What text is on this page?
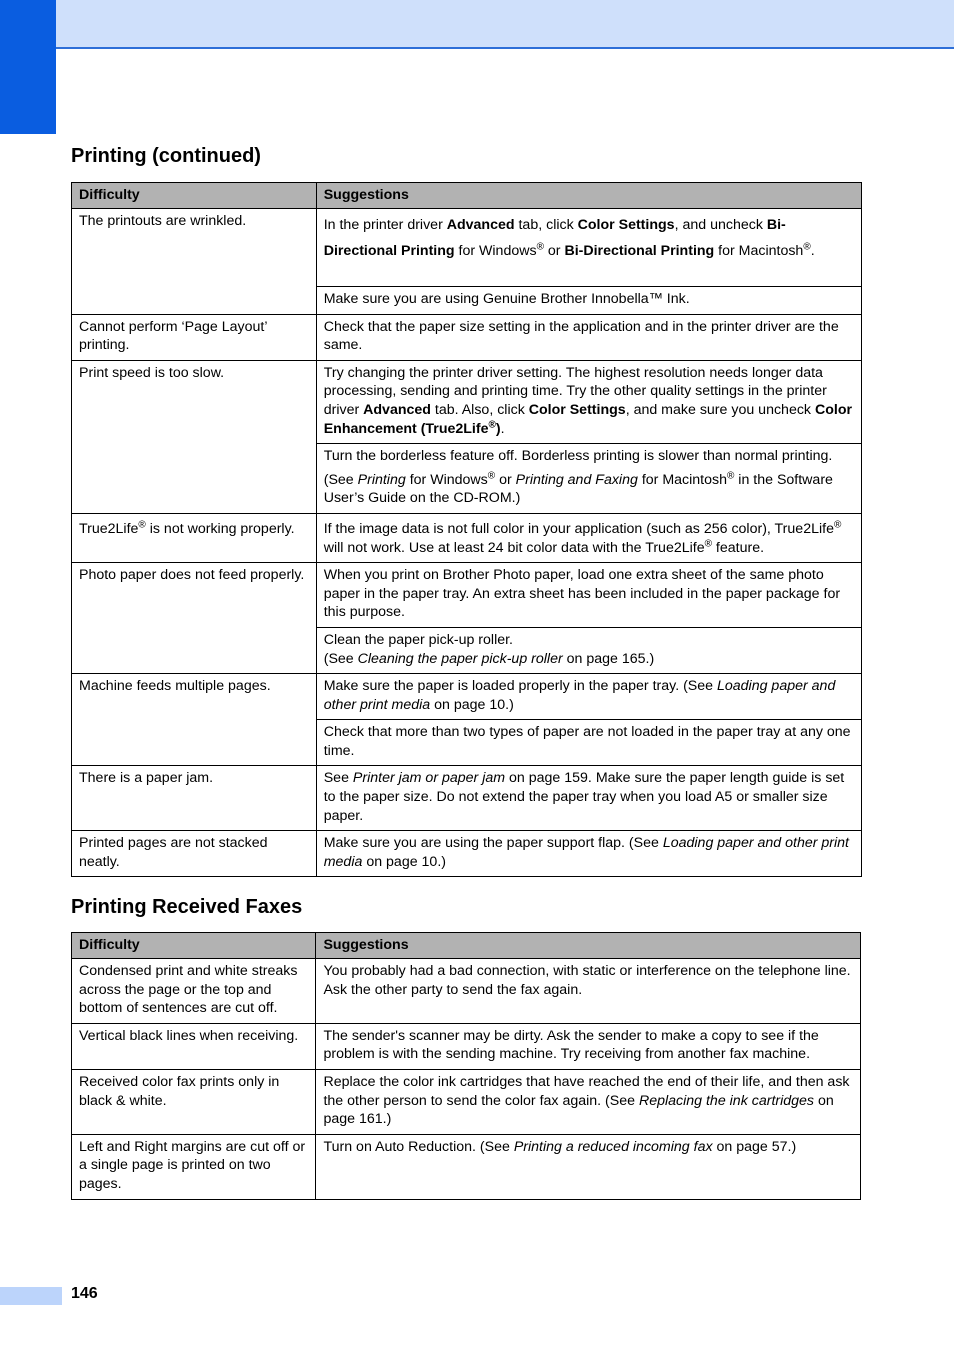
Printing (continued)
Difficulty	Suggestions
The printouts are wrinkled.	In the printer driver Advanced tab, click Color Settings, and uncheck Bi-Directional Printing for Windows® or Bi-Directional Printing for Macintosh®.
	Make sure you are using Genuine Brother Innobella™ Ink.
Cannot perform ‘Page Layout’ printing.	Check that the paper size setting in the application and in the printer driver are the same.
Print speed is too slow.	Try changing the printer driver setting. The highest resolution needs longer data processing, sending and printing time. Try the other quality settings in the printer driver Advanced tab. Also, click Color Settings, and make sure you uncheck Color Enhancement (True2Life®).

	Turn the borderless feature off. Borderless printing is slower than normal printing.
(See Printing for Windows® or Printing and Faxing for Macintosh® in the Software User’s Guide on the CD-ROM.)
True2Life® is not working properly.	If the image data is not full color in your application (such as 256 color), True2Life® will not work. Use at least 24 bit color data with the True2Life® feature.
Photo paper does not feed properly.	When you print on Brother Photo paper, load one extra sheet of the same photo paper in the paper tray. An extra sheet has been included in the paper package for this purpose.

	Clean the paper pick-up roller.
(See Cleaning the paper pick-up roller on page 165.)
Machine feeds multiple pages.	Make sure the paper is loaded properly in the paper tray. (See Loading paper and other print media on page 10.)
	Check that more than two types of paper are not loaded in the paper tray at any one time.
There is a paper jam.	See Printer jam or paper jam on page 159. Make sure the paper length guide is set to the paper size. Do not extend the paper tray when you load A5 or smaller size paper.
Printed pages are not stacked neatly.	Make sure you are using the paper support flap. (See Loading paper and other print media on page 10.)
Printing Received Faxes
Difficulty	Suggestions
Condensed print and white streaks across the page or the top and bottom of sentences are cut off.	You probably had a bad connection, with static or interference on the telephone line. Ask the other party to send the fax again.
Vertical black lines when receiving.	The sender's scanner may be dirty. Ask the sender to make a copy to see if the problem is with the sending machine. Try receiving from another fax machine.
Received color fax prints only in black & white.	Replace the color ink cartridges that have reached the end of their life, and then ask the other person to send the color fax again. (See Replacing the ink cartridges on page 161.)
Left and Right margins are cut off or a single page is printed on two pages.	Turn on Auto Reduction. (See Printing a reduced incoming fax on page 57.)
146
